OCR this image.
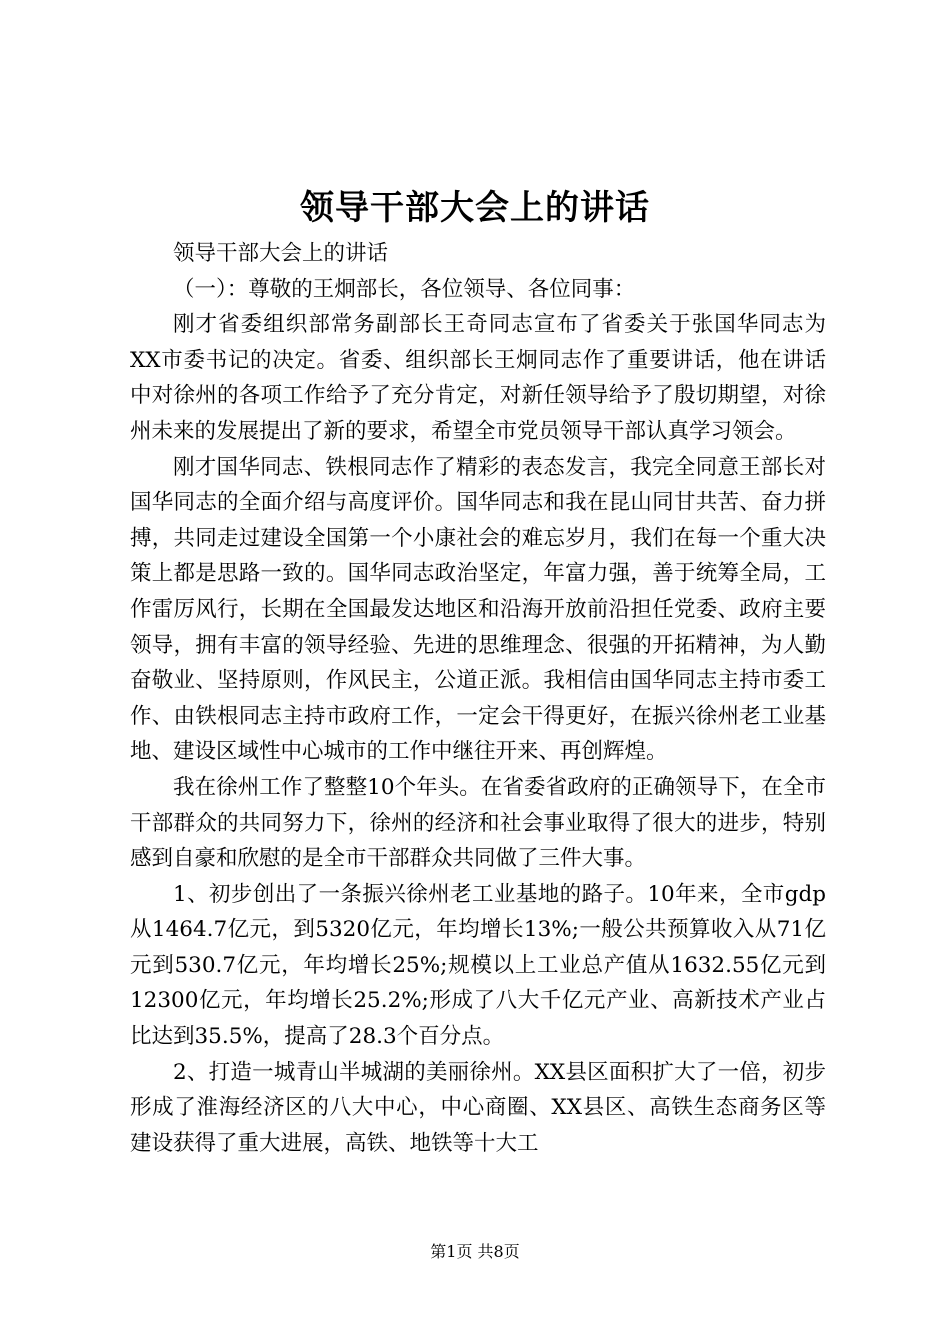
领导干部大会上的讲话

领导干部大会上的讲话

（一）：尊敬的王炯部长，各位领导、各位同事：

刚才省委组织部常务副部长王奇同志宣布了省委关于张国华同志为XX市委书记的决定。省委、组织部长王炯同志作了重要讲话，他在讲话中对徐州的各项工作给予了充分肯定，对新任领导给予了殷切期望，对徐州未来的发展提出了新的要求，希望全市党员领导干部认真学习领会。

刚才国华同志、铁根同志作了精彩的表态发言，我完全同意王部长对国华同志的全面介绍与高度评价。国华同志和我在昆山同甘共苦、奋力拼搏，共同走过建设全国第一个小康社会的难忘岁月，我们在每一个重大决策上都是思路一致的。国华同志政治坚定，年富力强，善于统筹全局，工作雷厉风行，长期在全国最发达地区和沿海开放前沿担任党委、政府主要领导，拥有丰富的领导经验、先进的思维理念、很强的开拓精神，为人勤奋敬业、坚持原则，作风民主，公道正派。我相信由国华同志主持市委工作、由铁根同志主持市政府工作，一定会干得更好，在振兴徐州老工业基地、建设区域性中心城市的工作中继往开来、再创辉煌。

我在徐州工作了整整10个年头。在省委省政府的正确领导下，在全市干部群众的共同努力下，徐州的经济和社会事业取得了很大的进步，特别感到自豪和欣慰的是全市干部群众共同做了三件大事。

1、初步创出了一条振兴徐州老工业基地的路子。10年来，全市gdp从1464.7亿元，到5320亿元，年均增长13%;一般公共预算收入从71亿元到530.7亿元，年均增长25%;规模以上工业总产值从1632.55亿元到12300亿元，年均增长25.2%;形成了八大千亿元产业、高新技术产业占比达到35.5%，提高了28.3个百分点。

2、打造一城青山半城湖的美丽徐州。XX县区面积扩大了一倍，初步形成了淮海经济区的八大中心，中心商圈、XX县区、高铁生态商务区等建设获得了重大进展，高铁、地铁等十大工

第1页 共8页
